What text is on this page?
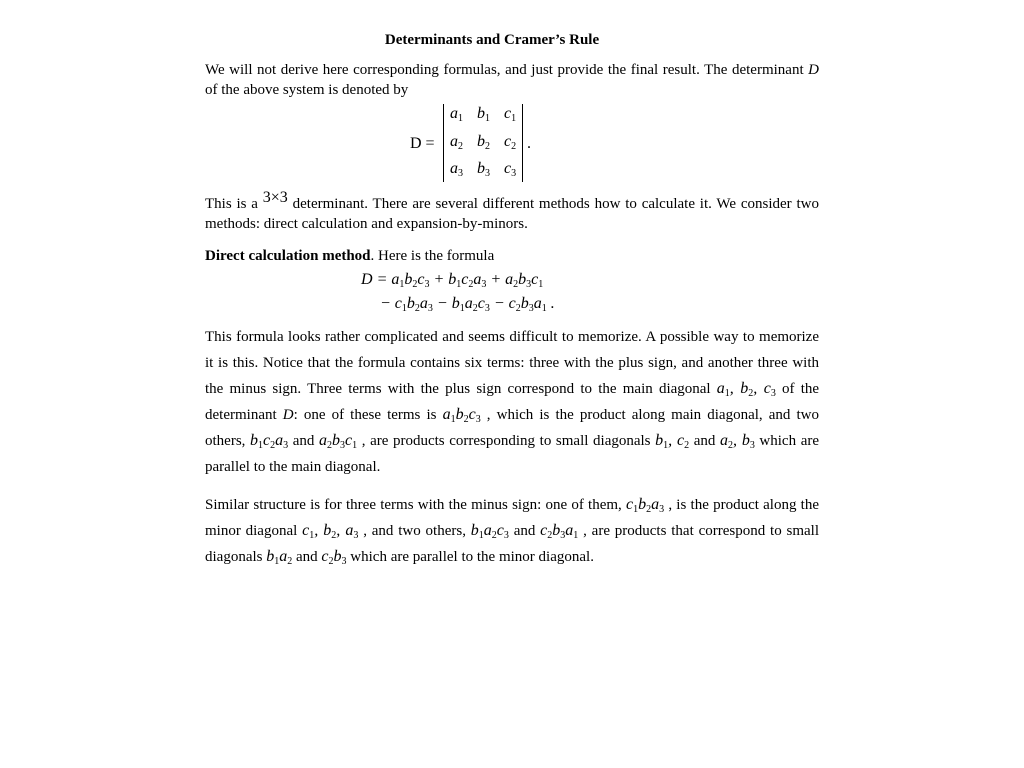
Determinants and Cramer’s Rule

We will not derive here corresponding formulas, and just provide the final result. The determinant D of the above system is denoted by

D =
$a_1$ $b_1$ $c_1$
$a_2$ $b_2$ $c_2$
$a_3$ $b_3$ $c_3$
.

This is a 3×3 determinant. There are several different methods how to calculate it. We consider two methods: direct calculation and expansion-by-minors.

Direct calculation method. Here is the formula

$D = a_1b_2c_3 + b_1c_2a_3 + a_2b_3c_1$
− $c_1b_2a_3 - b_1a_2c_3 - c_2b_3a_1$ .

This formula looks rather complicated and seems difficult to memorize. A possible way to memorize it is this. Notice that the formula contains six terms: three with the plus sign, and another three with the minus sign. Three terms with the plus sign correspond to the main diagonal $a_1$, $b_2$, $c_3$ of the determinant D: one of these terms is $a_1b_2c_3$ , which is the product along main diagonal, and two others, $b_1c_2a_3$ and $a_2b_3c_1$ , are products corresponding to small diagonals $b_1$, $c_2$ and $a_2$, $b_3$ which are parallel to the main diagonal.

Similar structure is for three terms with the minus sign: one of them, $c_1b_2a_3$ , is the product along the minor diagonal $c_1$, $b_2$, $a_3$ , and two others, $b_1a_2c_3$ and $c_2b_3a_1$ , are products that correspond to small diagonals $b_1a_2$ and $c_2b_3$ which are parallel to the minor diagonal.
